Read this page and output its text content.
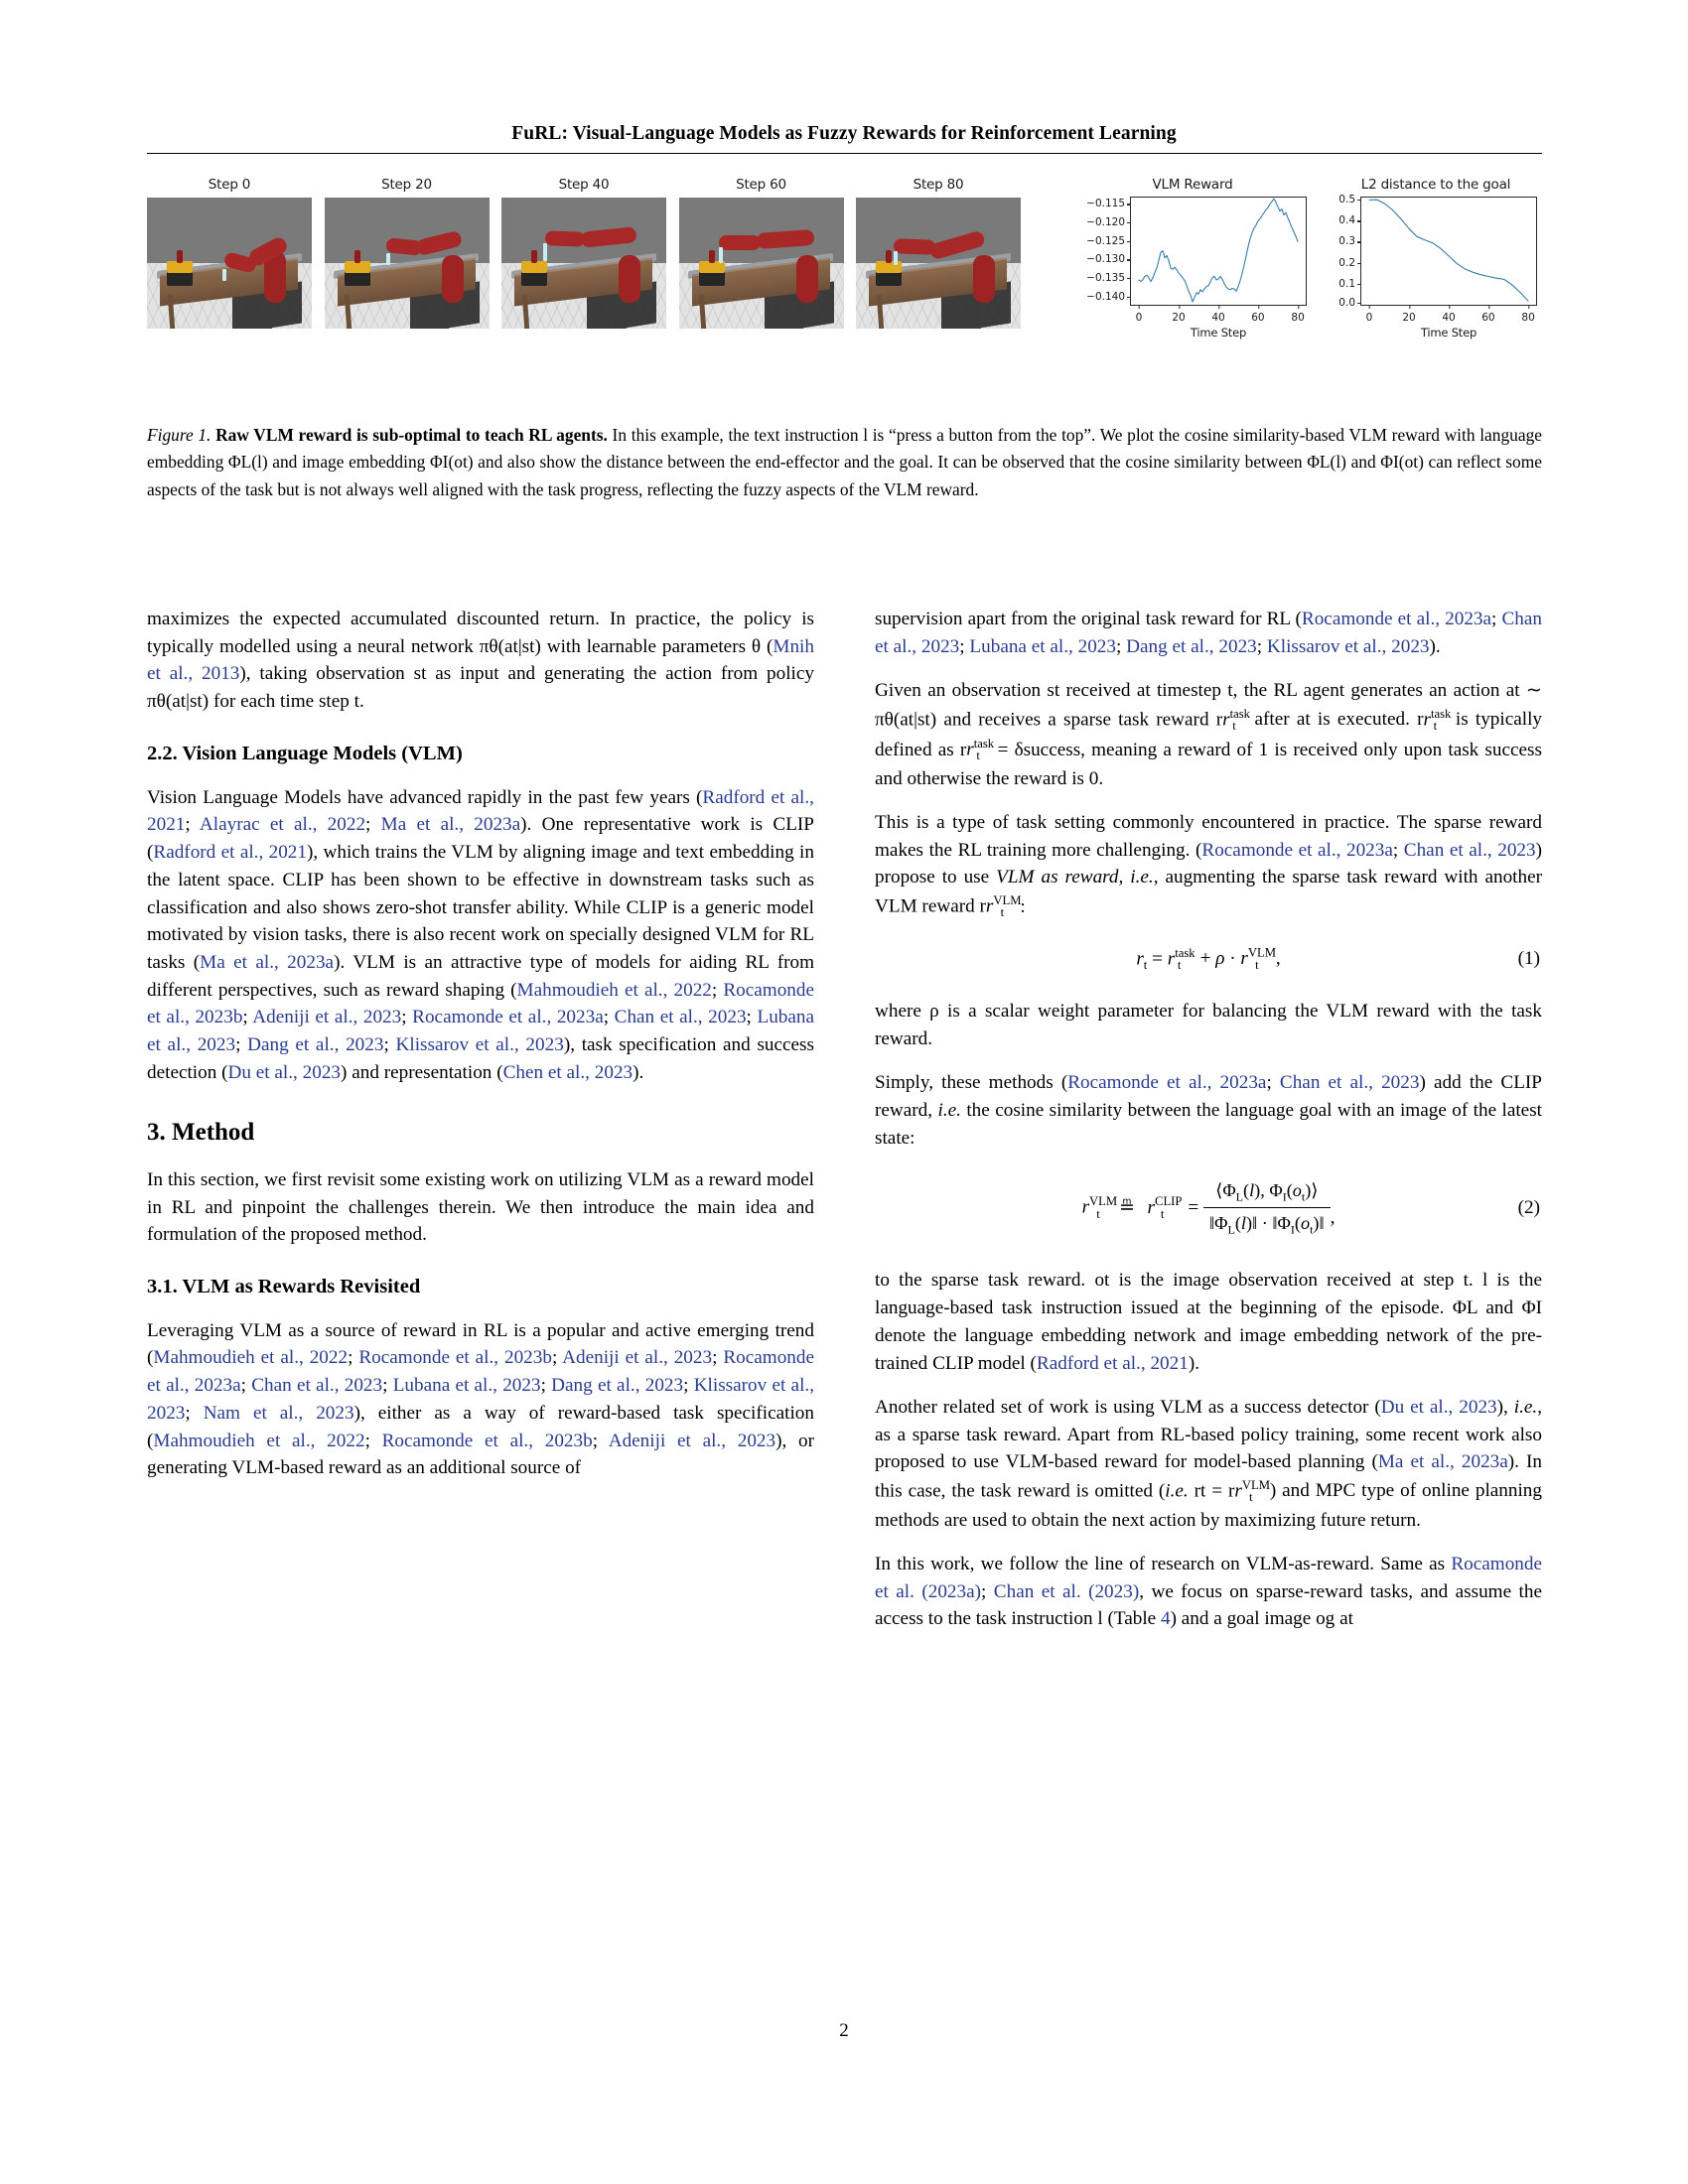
FuRL: Visual-Language Models as Fuzzy Rewards for Reinforcement Learning
Step 0	Step 20	Step 40	Step 60	Step 80	VLM Reward
−0.115
−0.120
−0.125
−0.130
−0.135
−0.140
0	20	40	60	80
Time Step
L2 distance to the goal
0.5
0.4
0.3
0.2
0.1
0.0
0	20	40	60	80
Time Step
Figure 1. Raw VLM reward is sub-optimal to teach RL agents. In this example, the text instruction l is “press a button from the top”. We plot the cosine similarity-based VLM reward with language embedding ΦL(l) and image embedding ΦI(ot) and also show the distance between the end-effector and the goal. It can be observed that the cosine similarity between ΦL(l) and ΦI(ot) can reflect some aspects of the task but is not always well aligned with the task progress, reflecting the fuzzy aspects of the VLM reward.

maximizes the expected accumulated discounted return. In practice, the policy is typically modelled using a neural network πθ(at|st) with learnable parameters θ (Mnih et al., 2013), taking observation st as input and generating the action from policy πθ(at|st) for each time step t.

2.2. Vision Language Models (VLM)

Vision Language Models have advanced rapidly in the past few years (Radford et al., 2021; Alayrac et al., 2022; Ma et al., 2023a). One representative work is CLIP (Radford et al., 2021), which trains the VLM by aligning image and text embedding in the latent space. CLIP has been shown to be effective in downstream tasks such as classification and also shows zero-shot transfer ability. While CLIP is a generic model motivated by vision tasks, there is also recent work on specially designed VLM for RL tasks (Ma et al., 2023a). VLM is an attractive type of models for aiding RL from different perspectives, such as reward shaping (Mahmoudieh et al., 2022; Rocamonde et al., 2023b; Adeniji et al., 2023; Rocamonde et al., 2023a; Chan et al., 2023; Lubana et al., 2023; Dang et al., 2023; Klissarov et al., 2023), task specification and success detection (Du et al., 2023) and representation (Chen et al., 2023).

3. Method

In this section, we first revisit some existing work on utilizing VLM as a reward model in RL and pinpoint the challenges therein. We then introduce the main idea and formulation of the proposed method.

3.1. VLM as Rewards Revisited

Leveraging VLM as a source of reward in RL is a popular and active emerging trend (Mahmoudieh et al., 2022; Rocamonde et al., 2023b; Adeniji et al., 2023; Rocamonde et al., 2023a; Chan et al., 2023; Lubana et al., 2023; Dang et al., 2023; Klissarov et al., 2023; Nam et al., 2023), either as a way of reward-based task specification (Mahmoudieh et al., 2022; Rocamonde et al., 2023b; Adeniji et al., 2023), or generating VLM-based reward as an additional source of

supervision apart from the original task reward for RL (Rocamonde et al., 2023a; Chan et al., 2023; Lubana et al., 2023; Dang et al., 2023; Klissarov et al., 2023).

Given an observation st received at timestep t, the RL agent generates an action at ∼ πθ(at|st) and receives a sparse task reward $rr^{task}_t$ after at is executed. $rr^{task}_t$ is typically defined as $rr^{task}_t$ = δsuccess, meaning a reward of 1 is received only upon task success and otherwise the reward is 0.

This is a type of task setting commonly encountered in practice. The sparse reward makes the RL training more challenging. (Rocamonde et al., 2023a; Chan et al., 2023) propose to use VLM as reward, i.e., augmenting the sparse task reward with another VLM reward $rr^{VLM}_t$ :

$r_t = r^{task}_t + \rho \cdot r^{VLM}_t$ ,	(1)

where ρ is a scalar weight parameter for balancing the VLM reward with the task reward.

Simply, these methods (Rocamonde et al., 2023a; Chan et al., 2023) add the CLIP reward, i.e. the cosine similarity between the language goal with an image of the latest state:

$r^{VLM}_t$ ≞ $r^{CLIP}_t = \frac{⟨\Phi_L(l), \Phi_I(o_t)⟩}{‖\Phi_L(l)‖ \cdot ‖\Phi_I(o_t)‖}$ ,	(2)

to the sparse task reward. ot is the image observation received at step t. l is the language-based task instruction issued at the beginning of the episode. ΦL and ΦI denote the language embedding network and image embedding network of the pre-trained CLIP model (Radford et al., 2021).

Another related set of work is using VLM as a success detector (Du et al., 2023), i.e., as a sparse task reward. Apart from RL-based policy training, some recent work also proposed to use VLM-based reward for model-based planning (Ma et al., 2023a). In this case, the task reward is omitted (i.e. rt = $rr^{VLM}_t$ ) and MPC type of online planning methods are used to obtain the next action by maximizing future return.

In this work, we follow the line of research on VLM-as-reward. Same as Rocamonde et al. (2023a); Chan et al. (2023), we focus on sparse-reward tasks, and assume the access to the task instruction l (Table 4) and a goal image og at

2
